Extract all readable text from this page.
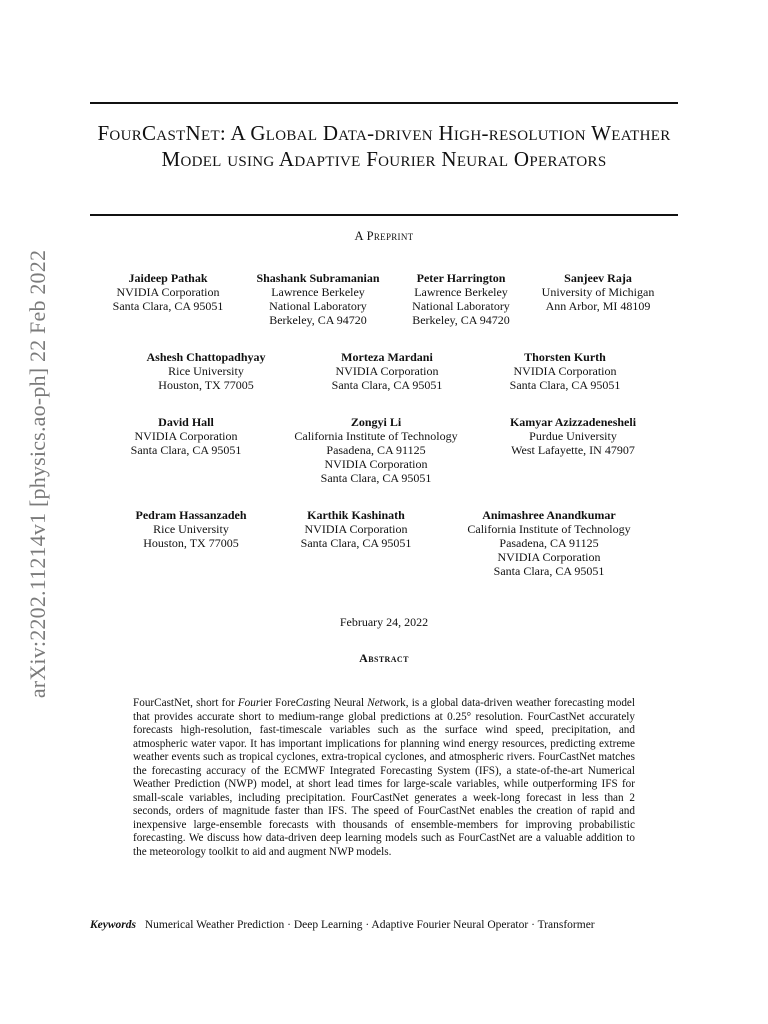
arXiv:2202.11214v1 [physics.ao-ph] 22 Feb 2022
FourCastNet: A Global Data-driven High-resolution Weather Model using Adaptive Fourier Neural Operators
A Preprint
Jaideep Pathak
NVIDIA Corporation
Santa Clara, CA 95051
Shashank Subramanian
Lawrence Berkeley
National Laboratory
Berkeley, CA 94720
Peter Harrington
Lawrence Berkeley
National Laboratory
Berkeley, CA 94720
Sanjeev Raja
University of Michigan
Ann Arbor, MI 48109
Ashesh Chattopadhyay
Rice University
Houston, TX 77005
Morteza Mardani
NVIDIA Corporation
Santa Clara, CA 95051
Thorsten Kurth
NVIDIA Corporation
Santa Clara, CA 95051
David Hall
NVIDIA Corporation
Santa Clara, CA 95051
Zongyi Li
California Institute of Technology
Pasadena, CA 91125
NVIDIA Corporation
Santa Clara, CA 95051
Kamyar Azizzadenesheli
Purdue University
West Lafayette, IN 47907
Pedram Hassanzadeh
Rice University
Houston, TX 77005
Karthik Kashinath
NVIDIA Corporation
Santa Clara, CA 95051
Animashree Anandkumar
California Institute of Technology
Pasadena, CA 91125
NVIDIA Corporation
Santa Clara, CA 95051
February 24, 2022
Abstract
FourCastNet, short for Fourier ForeCasting Neural Network, is a global data-driven weather forecasting model that provides accurate short to medium-range global predictions at 0.25° resolution. FourCastNet accurately forecasts high-resolution, fast-timescale variables such as the surface wind speed, precipitation, and atmospheric water vapor. It has important implications for planning wind energy resources, predicting extreme weather events such as tropical cyclones, extra-tropical cyclones, and atmospheric rivers. FourCastNet matches the forecasting accuracy of the ECMWF Integrated Forecasting System (IFS), a state-of-the-art Numerical Weather Prediction (NWP) model, at short lead times for large-scale variables, while outperforming IFS for small-scale variables, including precipitation. FourCastNet generates a week-long forecast in less than 2 seconds, orders of magnitude faster than IFS. The speed of FourCastNet enables the creation of rapid and inexpensive large-ensemble forecasts with thousands of ensemble-members for improving probabilistic forecasting. We discuss how data-driven deep learning models such as FourCastNet are a valuable addition to the meteorology toolkit to aid and augment NWP models.
Keywords Numerical Weather Prediction · Deep Learning · Adaptive Fourier Neural Operator · Transformer
